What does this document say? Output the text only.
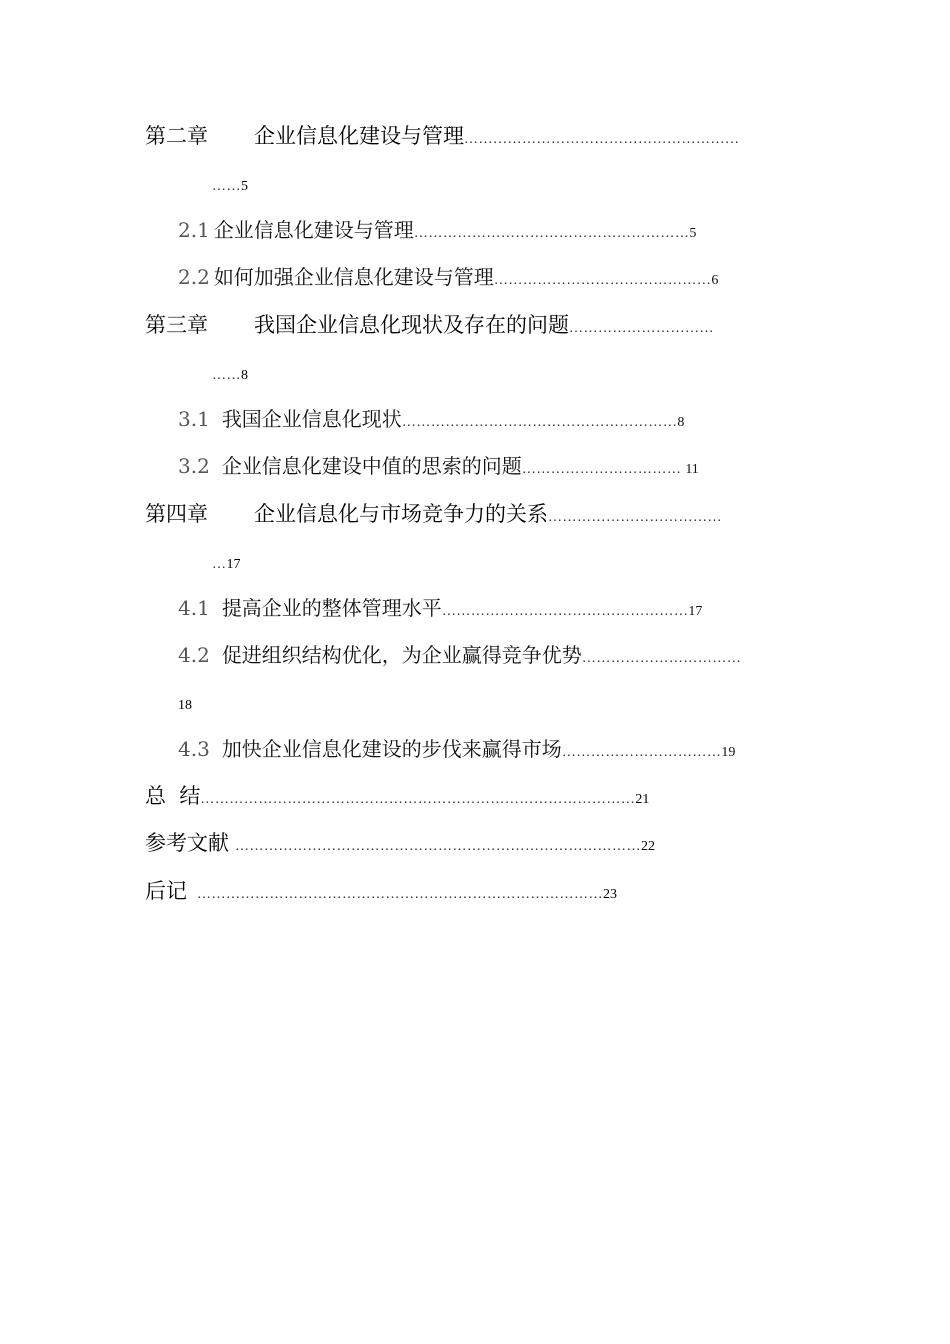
第二章 企业信息化建设与管理…………………………………………………
……5
2.1 企业信息化建设与管理…………………………………………………5
2.2 如何加强企业信息化建设与管理………………………………………6
第三章 我国企业信息化现状及存在的问题…………………………
……8
3.1 我国企业信息化现状…………………………………………………8
3.2 企业信息化建设中值的思索的问题…………………………… 11
第四章 企业信息化与市场竞争力的关系………………………………
…17
4.1 提高企业的整体管理水平……………………………………………17
4.2 促进组织结构优化，为企业赢得竞争优势……………………………
18
4.3 加快企业信息化建设的步伐来赢得市场……………………………19
总  结………………………………………………………………………………21
参考文献 …………………………………………………………………………22
后记 …………………………………………………………………………23
